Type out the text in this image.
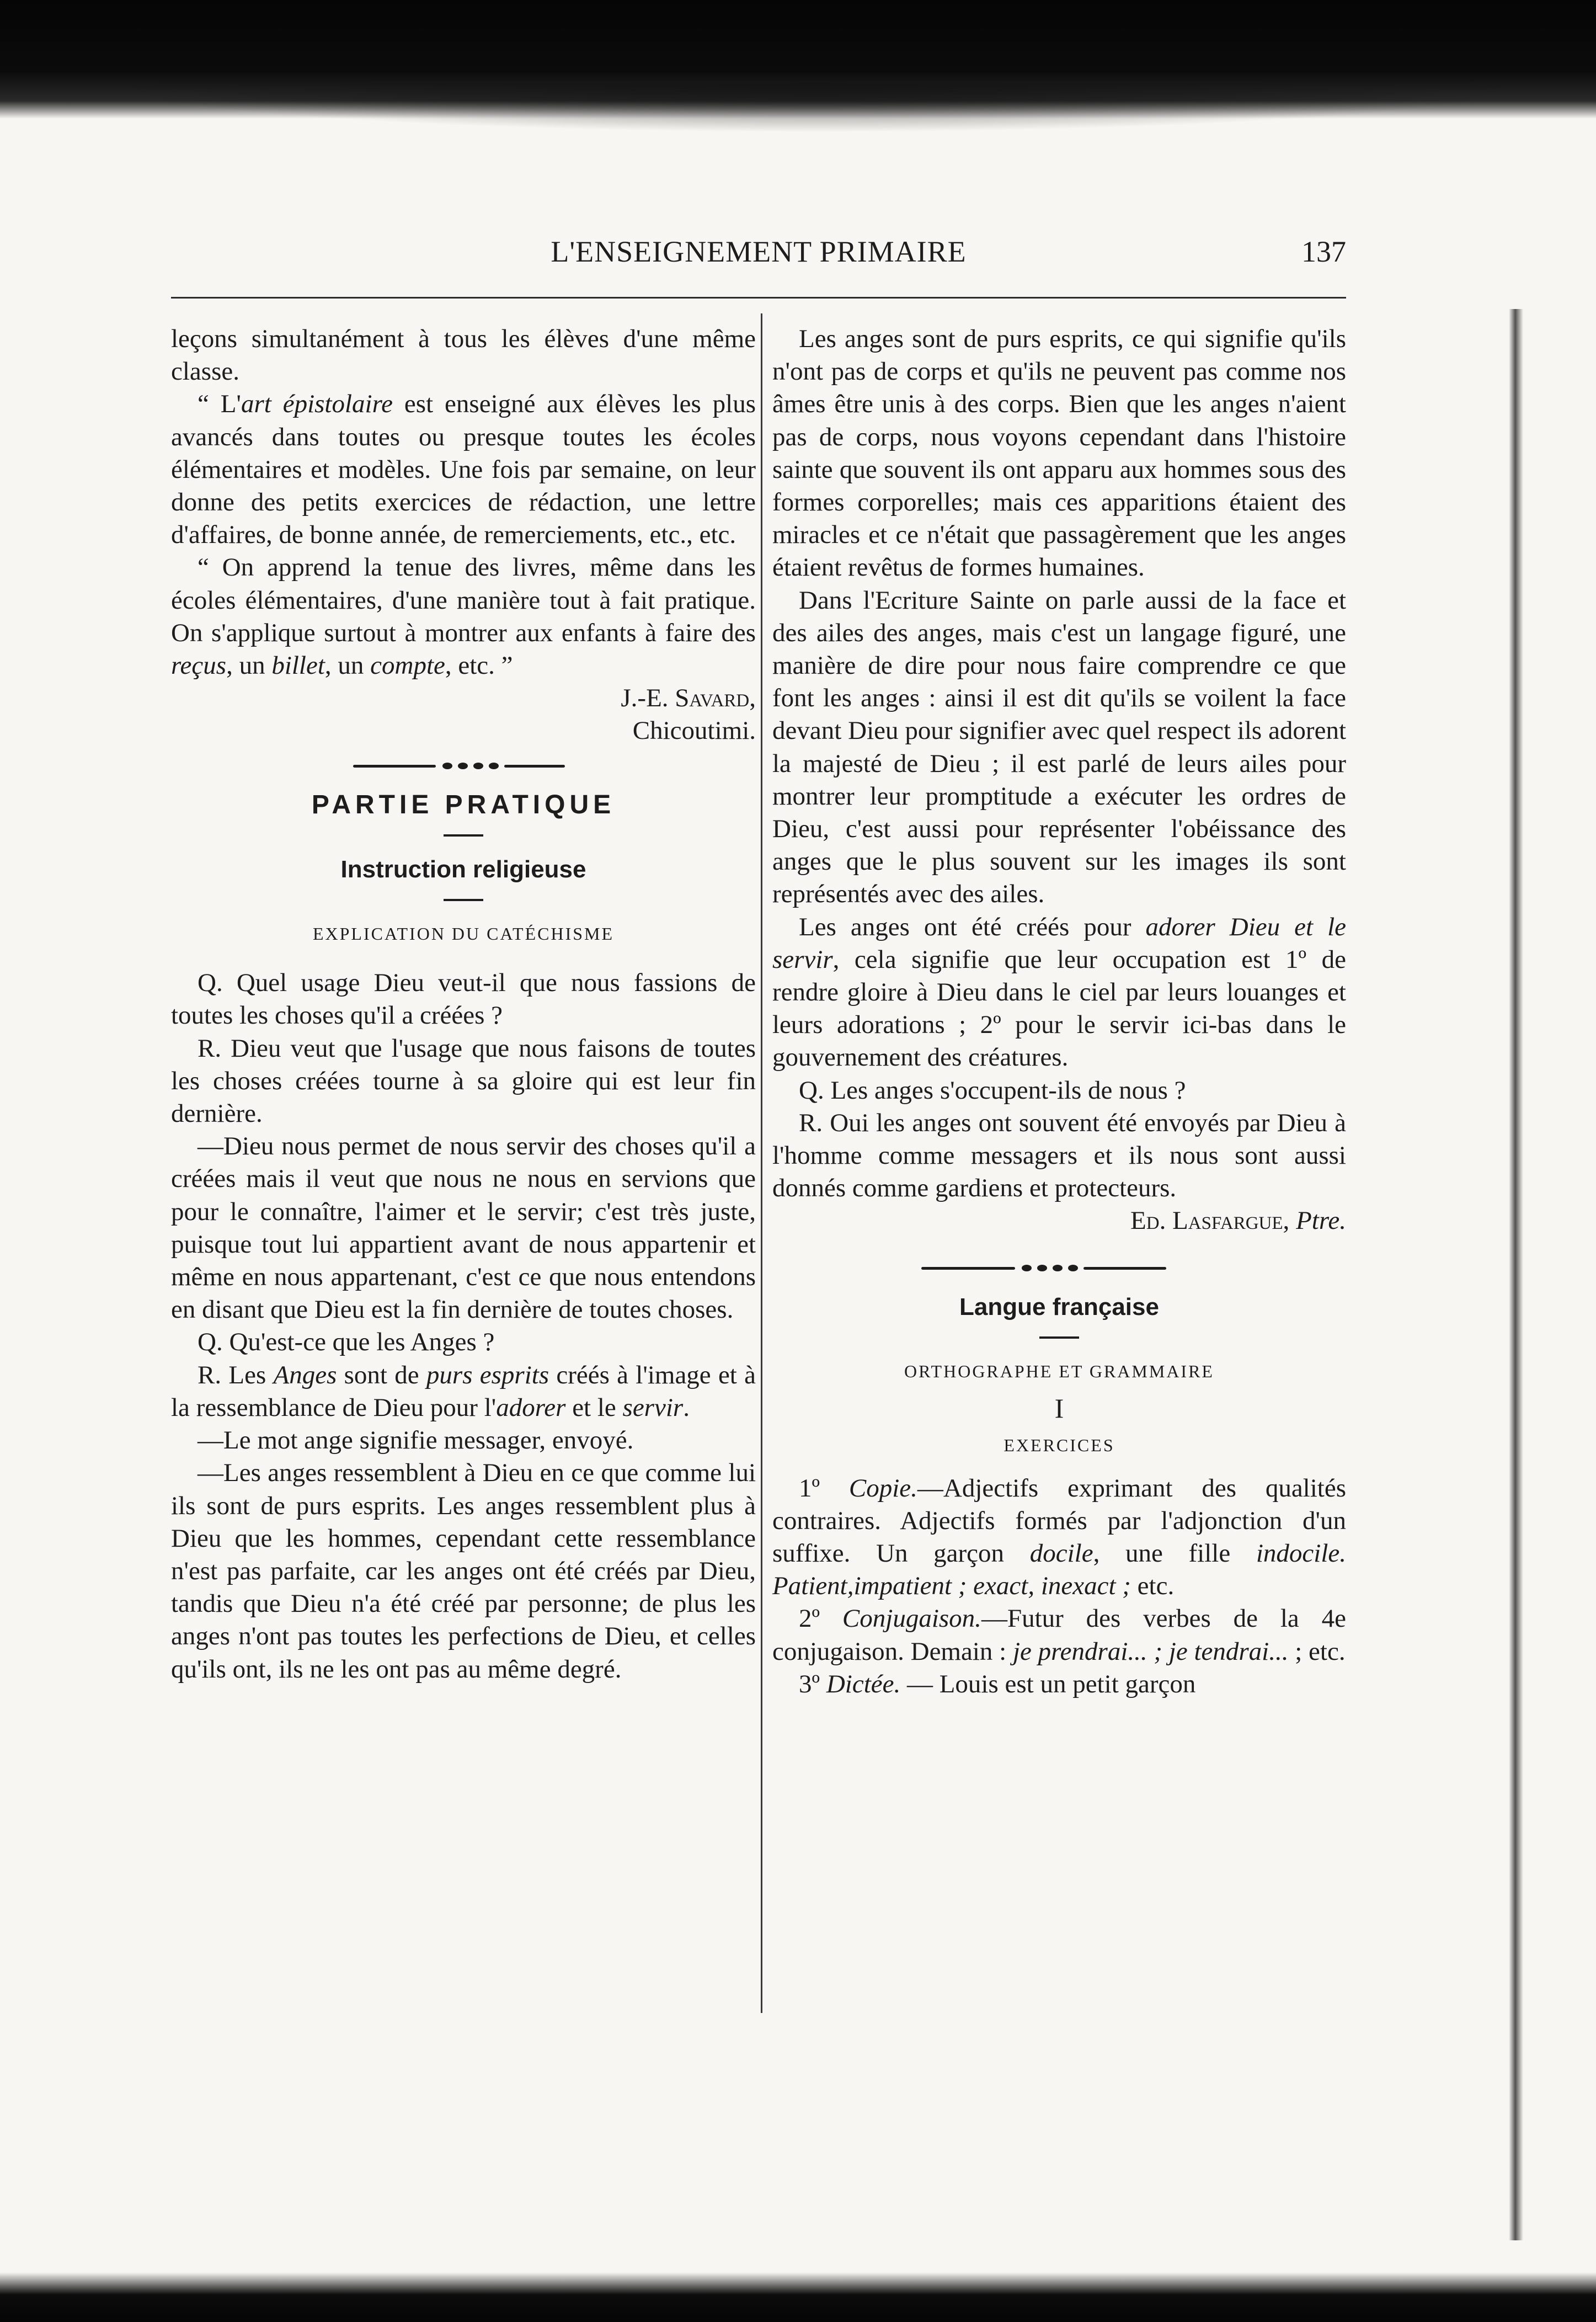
L'ENSEIGNEMENT PRIMAIRE	137

leçons simultanément à tous les élèves d'une même classe.

“ L'art épistolaire est enseigné aux élèves les plus avancés dans toutes ou presque toutes les écoles élémentaires et modèles. Une fois par semaine, on leur donne des petits exercices de rédaction, une lettre d'affaires, de bonne année, de remerciements, etc., etc.

“ On apprend la tenue des livres, même dans les écoles élémentaires, d'une manière tout à fait pratique. On s'applique surtout à montrer aux enfants à faire des reçus, un billet, un compte, etc. ”

J.-E. Savard,

Chicoutimi.

PARTIE PRATIQUE
Instruction religieuse
EXPLICATION DU CATÉCHISME

Q. Quel usage Dieu veut-il que nous fassions de toutes les choses qu'il a créées ?

R. Dieu veut que l'usage que nous faisons de toutes les choses créées tourne à sa gloire qui est leur fin dernière.

—Dieu nous permet de nous servir des choses qu'il a créées mais il veut que nous ne nous en servions que pour le connaître, l'aimer et le servir; c'est très juste, puisque tout lui appartient avant de nous appartenir et même en nous appartenant, c'est ce que nous entendons en disant que Dieu est la fin dernière de toutes choses.

Q. Qu'est-ce que les Anges ?

R. Les Anges sont de purs esprits créés à l'image et à la ressemblance de Dieu pour l'adorer et le servir.

—Le mot ange signifie messager, envoyé.

—Les anges ressemblent à Dieu en ce que comme lui ils sont de purs esprits. Les anges ressemblent plus à Dieu que les hommes, cependant cette ressemblance n'est pas parfaite, car les anges ont été créés par Dieu, tandis que Dieu n'a été créé par personne; de plus les anges n'ont pas toutes les perfections de Dieu, et celles qu'ils ont, ils ne les ont pas au même degré.

Les anges sont de purs esprits, ce qui signifie qu'ils n'ont pas de corps et qu'ils ne peuvent pas comme nos âmes être unis à des corps. Bien que les anges n'aient pas de corps, nous voyons cependant dans l'histoire sainte que souvent ils ont apparu aux hommes sous des formes corporelles; mais ces apparitions étaient des miracles et ce n'était que passagèrement que les anges étaient revêtus de formes humaines.

Dans l'Ecriture Sainte on parle aussi de la face et des ailes des anges, mais c'est un langage figuré, une manière de dire pour nous faire comprendre ce que font les anges : ainsi il est dit qu'ils se voilent la face devant Dieu pour signifier avec quel respect ils adorent la majesté de Dieu ; il est parlé de leurs ailes pour montrer leur promptitude a exécuter les ordres de Dieu, c'est aussi pour représenter l'obéissance des anges que le plus souvent sur les images ils sont représentés avec des ailes.

Les anges ont été créés pour adorer Dieu et le servir, cela signifie que leur occupation est 1º de rendre gloire à Dieu dans le ciel par leurs louanges et leurs adorations ; 2º pour le servir ici-bas dans le gouvernement des créatures.

Q. Les anges s'occupent-ils de nous ?

R. Oui les anges ont souvent été envoyés par Dieu à l'homme comme messagers et ils nous sont aussi donnés comme gardiens et protecteurs.

Ed. Lasfargue, Ptre.

Langue française
ORTHOGRAPHE ET GRAMMAIRE
I
EXERCICES

1º Copie.—Adjectifs exprimant des qualités contraires. Adjectifs formés par l'adjonction d'un suffixe. Un garçon docile, une fille indocile. Patient,impatient ; exact, inexact ; etc.

2º Conjugaison.—Futur des verbes de la 4e conjugaison. Demain : je prendrai... ; je tendrai... ; etc.

3º Dictée. — Louis est un petit garçon
